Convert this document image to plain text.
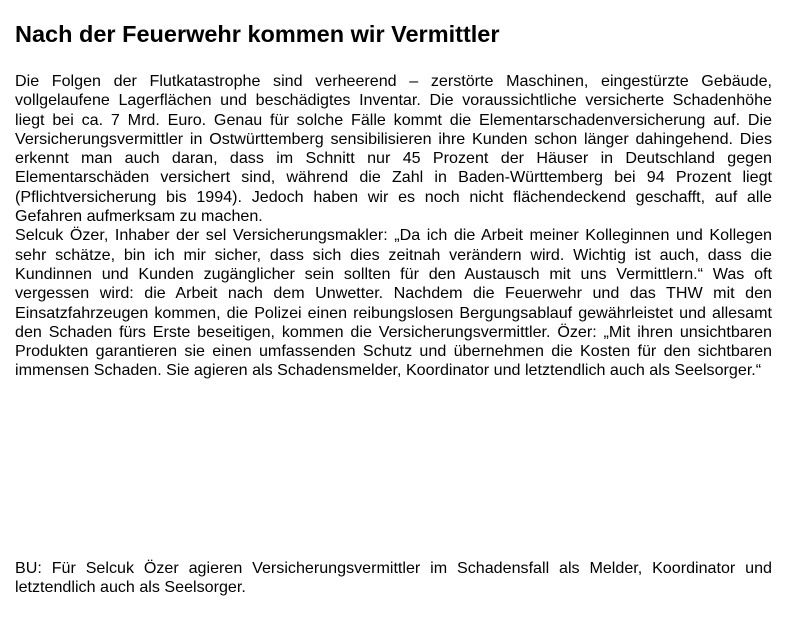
Nach der Feuerwehr kommen wir Vermittler

Die Folgen der Flutkatastrophe sind verheerend – zerstörte Maschinen, eingestürzte Gebäude, vollgelaufene Lagerflächen und beschädigtes Inventar. Die voraussichtliche versicherte Schadenhöhe liegt bei ca. 7 Mrd. Euro. Genau für solche Fälle kommt die Elementarschadenversicherung auf. Die Versicherungsvermittler in Ostwürttemberg sensibilisieren ihre Kunden schon länger dahingehend. Dies erkennt man auch daran, dass im Schnitt nur 45 Prozent der Häuser in Deutschland gegen Elementarschäden versichert sind, während die Zahl in Baden-Württemberg bei 94 Prozent liegt (Pflichtversicherung bis 1994). Jedoch haben wir es noch nicht flächendeckend geschafft, auf alle Gefahren aufmerksam zu machen.

Selcuk Özer, Inhaber der sel Versicherungsmakler: „Da ich die Arbeit meiner Kolleginnen und Kollegen sehr schätze, bin ich mir sicher, dass sich dies zeitnah verändern wird. Wichtig ist auch, dass die Kundinnen und Kunden zugänglicher sein sollten für den Austausch mit uns Vermittlern.“ Was oft vergessen wird: die Arbeit nach dem Unwetter. Nachdem die Feuerwehr und das THW mit den Einsatzfahrzeugen kommen, die Polizei einen reibungslosen Bergungsablauf gewährleistet und allesamt den Schaden fürs Erste beseitigen, kommen die Versicherungsvermittler. Özer: „Mit ihren unsichtbaren Produkten garantieren sie einen umfassenden Schutz und übernehmen die Kosten für den sichtbaren immensen Schaden. Sie agieren als Schadensmelder, Koordinator und letztendlich auch als Seelsorger.“

BU: Für Selcuk Özer agieren Versicherungsvermittler im Schadensfall als Melder, Koordinator und letztendlich auch als Seelsorger.
